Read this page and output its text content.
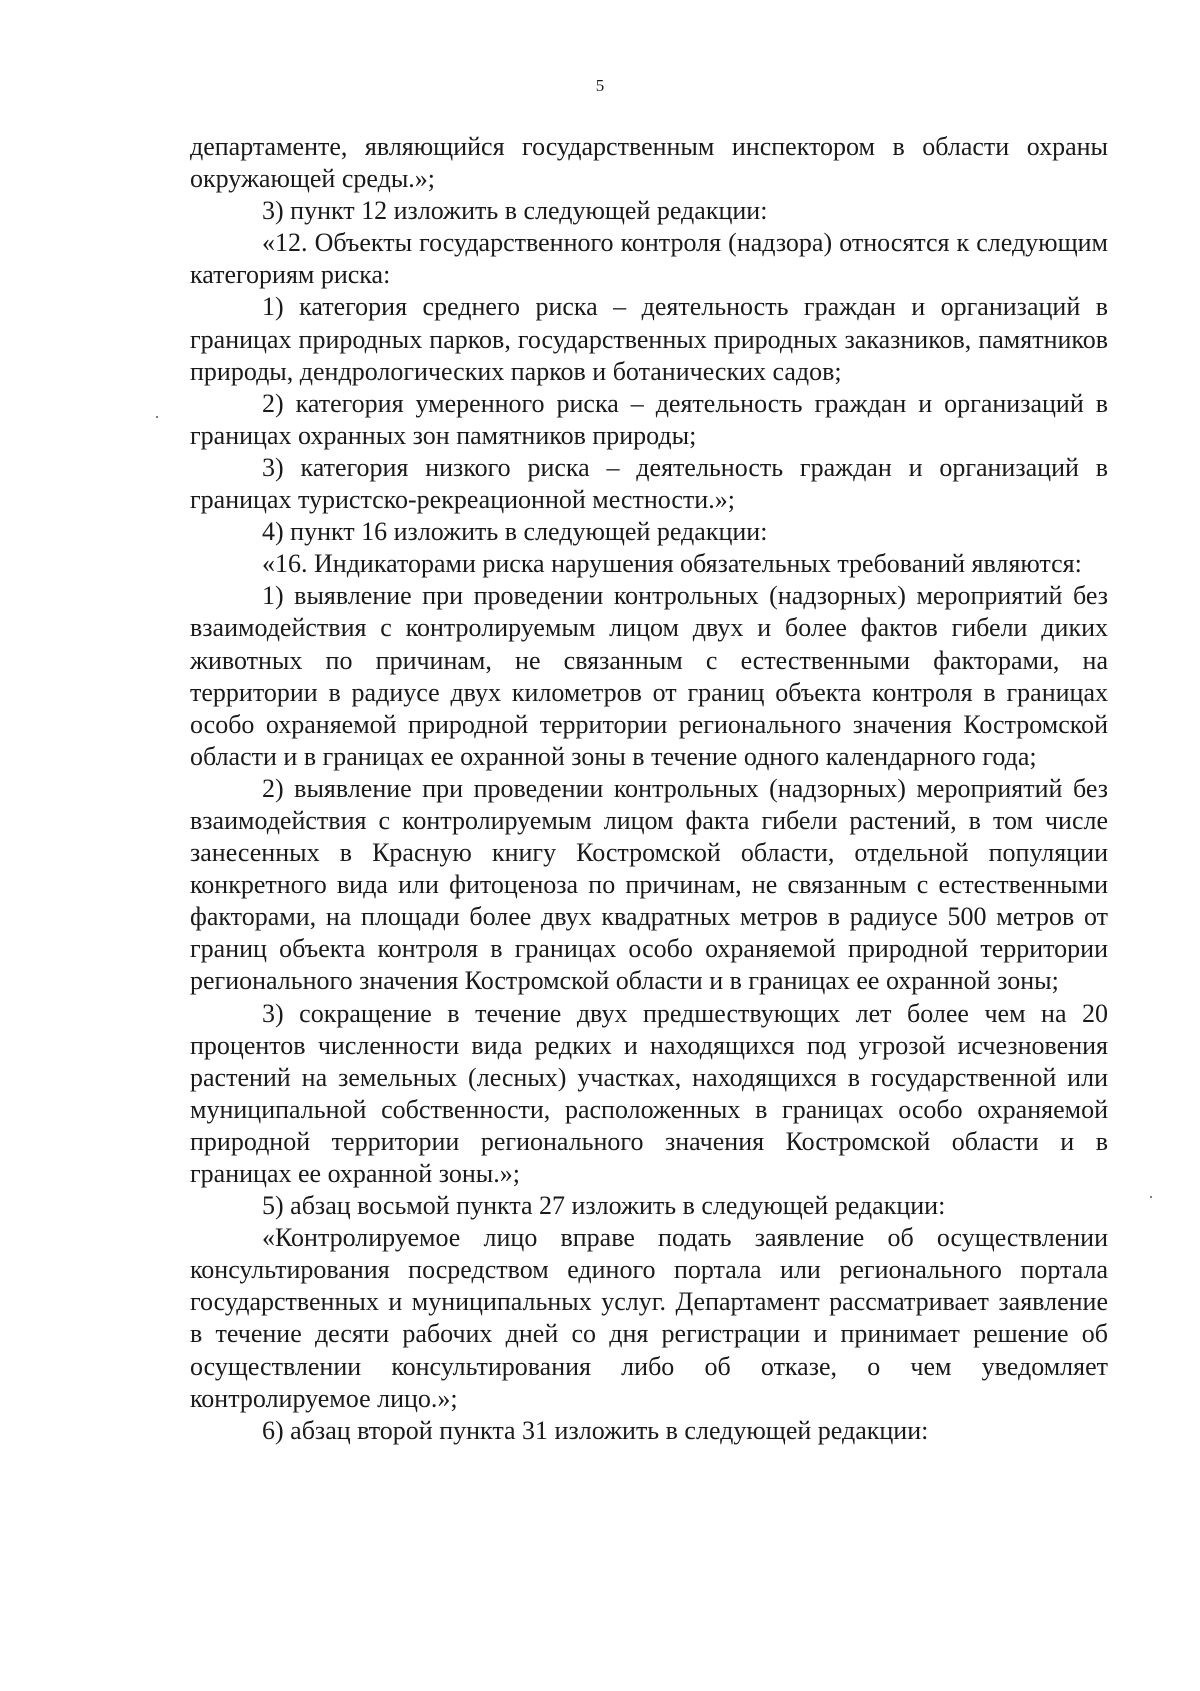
5

департаменте, являющийся государственным инспектором в области охраны окружающей среды.»;

3) пункт 12 изложить в следующей редакции:

«12. Объекты государственного контроля (надзора) относятся к следующим категориям риска:

1) категория среднего риска – деятельность граждан и организаций в границах природных парков, государственных природных заказников, памятников природы, дендрологических парков и ботанических садов;

2) категория умеренного риска – деятельность граждан и организаций в границах охранных зон памятников природы;

3) категория низкого риска – деятельность граждан и организаций в границах туристско-рекреационной местности.»;

4) пункт 16 изложить в следующей редакции:

«16. Индикаторами риска нарушения обязательных требований являются:

1) выявление при проведении контрольных (надзорных) мероприятий без взаимодействия с контролируемым лицом двух и более фактов гибели диких животных по причинам, не связанным с естественными факторами, на территории в радиусе двух километров от границ объекта контроля в границах особо охраняемой природной территории регионального значения Костромской области и в границах ее охранной зоны в течение одного календарного года;

2) выявление при проведении контрольных (надзорных) мероприятий без взаимодействия с контролируемым лицом факта гибели растений, в том числе занесенных в Красную книгу Костромской области, отдельной популяции конкретного вида или фитоценоза по причинам, не связанным с естественными факторами, на площади более двух квадратных метров в радиусе 500 метров от границ объекта контроля в границах особо охраняемой природной территории регионального значения Костромской области и в границах ее охранной зоны;

3) сокращение в течение двух предшествующих лет более чем на 20 процентов численности вида редких и находящихся под угрозой исчезновения растений на земельных (лесных) участках, находящихся в государственной или муниципальной собственности, расположенных в границах особо охраняемой природной территории регионального значения Костромской области и в границах ее охранной зоны.»;

5) абзац восьмой пункта 27 изложить в следующей редакции:

«Контролируемое лицо вправе подать заявление об осуществлении консультирования посредством единого портала или регионального портала государственных и муниципальных услуг. Департамент рассматривает заявление в течение десяти рабочих дней со дня регистрации и принимает решение об осуществлении консультирования либо об отказе, о чем уведомляет контролируемое лицо.»;

6) абзац второй пункта 31 изложить в следующей редакции:
